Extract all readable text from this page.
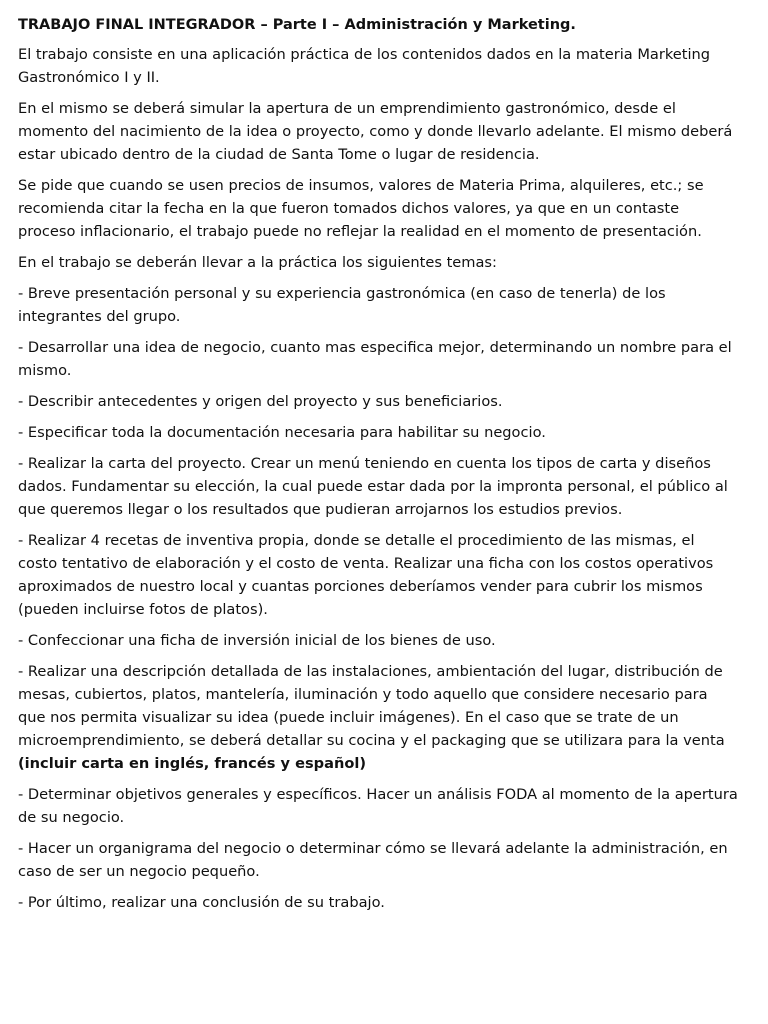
TRABAJO FINAL INTEGRADOR – Parte I – Administración y Marketing.

El trabajo consiste en una aplicación práctica de los contenidos dados en la materia Marketing Gastronómico I y II.

En el mismo se deberá simular la apertura de un emprendimiento gastronómico, desde el momento del nacimiento de la idea o proyecto, como y donde llevarlo adelante. El mismo deberá estar ubicado dentro de la ciudad de Santa Tome o lugar de residencia.

Se pide que cuando se usen precios de insumos, valores de Materia Prima, alquileres, etc.; se recomienda citar la fecha en la que fueron tomados dichos valores, ya que en un contaste proceso inflacionario, el trabajo puede no reflejar la realidad en el momento de presentación.

En el trabajo se deberán llevar a la práctica los siguientes temas:

- Breve presentación personal y su experiencia gastronómica (en caso de tenerla) de los integrantes del grupo.

- Desarrollar una idea de negocio, cuanto mas especifica mejor, determinando un nombre para el mismo.

- Describir antecedentes y origen del proyecto y sus beneficiarios.

- Especificar toda la documentación necesaria para habilitar su negocio.

- Realizar la carta del proyecto. Crear un menú teniendo en cuenta los tipos de carta y diseños dados. Fundamentar su elección, la cual puede estar dada por la impronta personal, el público al que queremos llegar o los resultados que pudieran arrojarnos los estudios previos.

- Realizar 4 recetas de inventiva propia, donde se detalle el procedimiento de las mismas, el costo tentativo de elaboración y el costo de venta. Realizar una ficha con los costos operativos aproximados de nuestro local y cuantas porciones deberíamos vender para cubrir los mismos (pueden incluirse fotos de platos).

- Confeccionar una ficha de inversión inicial de los bienes de uso.

- Realizar una descripción detallada de las instalaciones, ambientación del lugar, distribución de mesas, cubiertos, platos, mantelería, iluminación y todo aquello que considere necesario para que nos permita visualizar su idea (puede incluir imágenes). En el caso que se trate de un microemprendimiento, se deberá detallar su cocina y el packaging que se utilizara para la venta (incluir carta en inglés, francés y español)

- Determinar objetivos generales y específicos. Hacer un análisis FODA al momento de la apertura de su negocio.

- Hacer un organigrama del negocio o determinar cómo se llevará adelante la administración, en caso de ser un negocio pequeño.

- Por último, realizar una conclusión de su trabajo.
